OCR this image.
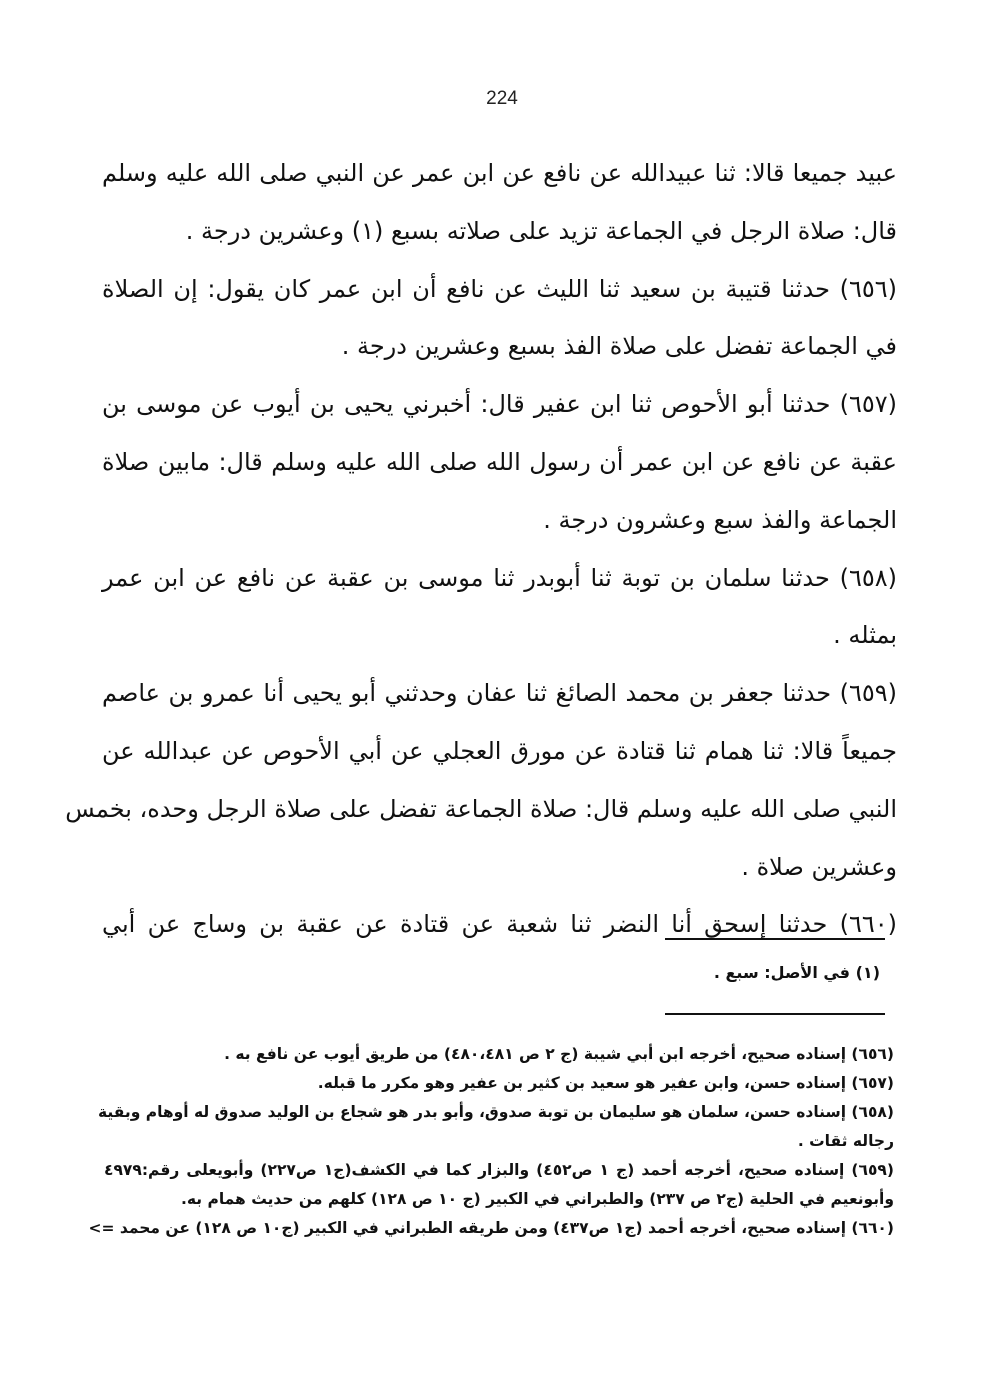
224
عبيد جميعا قالا: ثنا عبيدالله عن نافع عن ابن عمر عن النبي صلى الله عليه وسلم
قال: صلاة الرجل في الجماعة تزيد على صلاته بسبع (١) وعشرين درجة .
(٦٥٦) حدثنا قتيبة بن سعيد ثنا الليث عن نافع أن ابن عمر كان يقول: إن الصلاة
في الجماعة تفضل على صلاة الفذ بسبع وعشرين درجة .
(٦٥٧) حدثنا أبو الأحوص ثنا ابن عفير قال: أخبرني يحيى بن أيوب عن موسى بن
عقبة عن نافع عن ابن عمر أن رسول الله صلى الله عليه وسلم قال: مابين صلاة
الجماعة والفذ سبع وعشرون درجة .
(٦٥٨) حدثنا سلمان بن توبة ثنا أبوبدر ثنا موسى بن عقبة عن نافع عن ابن عمر
بمثله .
(٦٥٩) حدثنا جعفر بن محمد الصائغ ثنا عفان وحدثني أبو يحيى أنا عمرو بن عاصم
جميعاً قالا: ثنا همام ثنا قتادة عن مورق العجلي عن أبي الأحوص عن عبدالله عن
النبي صلى الله عليه وسلم قال: صلاة الجماعة تفضل على صلاة الرجل وحده، بخمس
وعشرين صلاة .
(٦٦٠) حدثنا إسحق أنا النضر ثنا شعبة عن قتادة عن عقبة بن وساج عن أبي
(١) في الأصل: سبع .
(٦٥٦) إسناده صحيح، أخرجه ابن أبي شيبة (ج ٢ ص ٤٨٠،٤٨١) من طريق أيوب عن نافع به .
(٦٥٧) إسناده حسن، وابن عفير هو سعيد بن كثير بن عفير وهو مكرر ما قبله.
(٦٥٨) إسناده حسن، سلمان هو سليمان بن توبة صدوق، وأبو بدر هو شجاع بن الوليد صدوق له أوهام وبقية
رجاله ثقات .
(٦٥٩) إسناده صحيح، أخرجه أحمد (ج ١ ص٤٥٢) والبزار كما في الكشف(ج١ ص٢٢٧) وأبويعلى رقم:٤٩٧٩
وأبونعيم في الحلية (ج٢ ص ٢٣٧) والطبراني في الكبير (ج ١٠ ص ١٢٨) كلهم من حديث همام به.
(٦٦٠) إسناده صحيح، أخرجه أحمد (ج١ ص٤٣٧) ومن طريقه الطبراني في الكبير (ج١٠ ص ١٢٨) عن محمد =>
